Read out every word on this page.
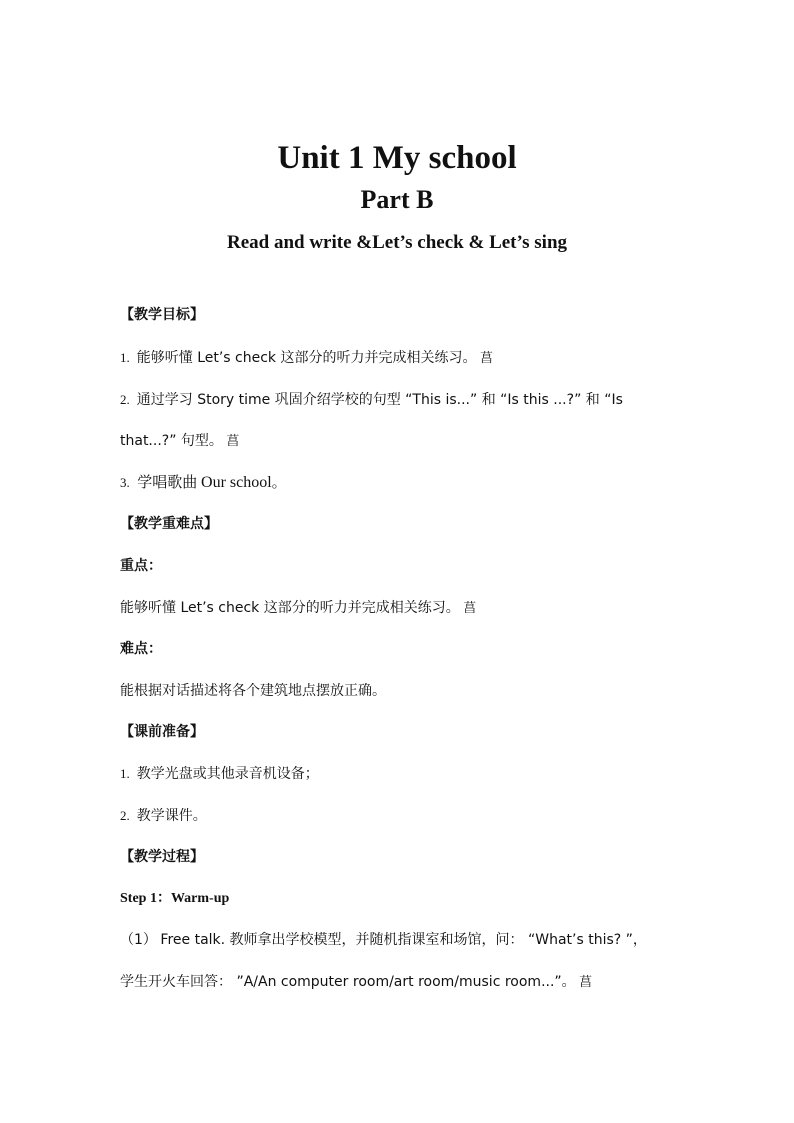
Unit 1 My school
Part B
Read and write &Let’s check & Let’s sing
【教学目标】
1. 能够听懂 Let’s check 这部分的听力并完成相关练习。 菖
2. 通过学习 Story time 巩固介绍学校的句型 “This is...” 和 “Is this ...?” 和 “Is
that...?” 句型。 菖
3. 学唱歌曲 Our school。
【教学重难点】
重点：
能够听懂 Let’s check 这部分的听力并完成相关练习。 菖
难点：
能根据对话描述将各个建筑地点摆放正确。
【课前准备】
1. 教学光盘或其他录音机设备；
2. 教学课件。
【教学过程】
Step 1：Warm-up
（1） Free talk. 教师拿出学校模型，并随机指课室和场馆，问： “What’s this? ”，
学生开火车回答： ”A/An computer room/art room/music room...”。 菖
